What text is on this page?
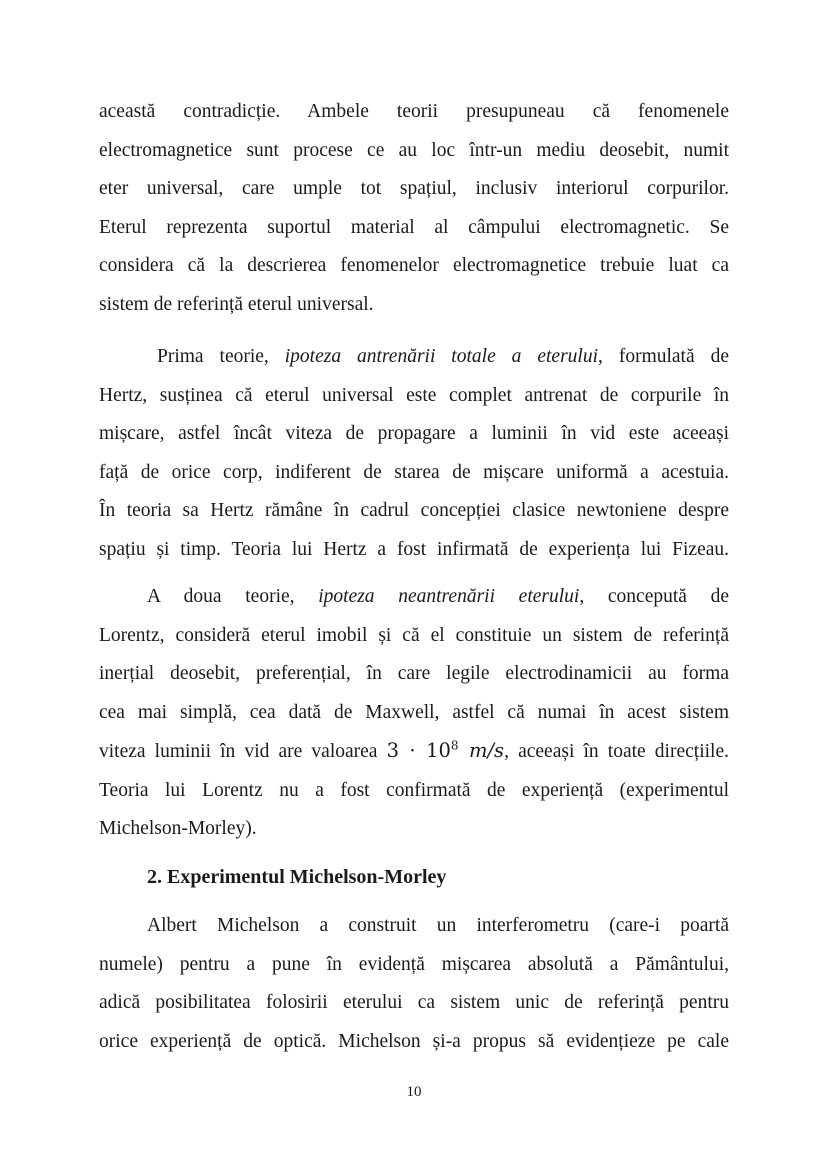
această contradicție. Ambele teorii presupuneau că fenomenele
electromagnetice sunt procese ce au loc într-un mediu deosebit, numit
eter universal, care umple tot spațiul, inclusiv interiorul corpurilor.
Eterul reprezenta suportul material al câmpului electromagnetic. Se
considera că la descrierea fenomenelor electromagnetice trebuie luat ca
sistem de referință eterul universal.
Prima teorie, ipoteza antrenării totale a eterului, formulată de
Hertz, susținea că eterul universal este complet antrenat de corpurile în
mișcare, astfel încât viteza de propagare a luminii în vid este aceeași
față de orice corp, indiferent de starea de mișcare uniformă a acestuia.
În teoria sa Hertz rămâne în cadrul concepției clasice newtoniene despre
spațiu și timp. Teoria lui Hertz a fost infirmată de experiența lui Fizeau.
A doua teorie, ipoteza neantrenării eterului, concepută de
Lorentz, consideră eterul imobil și că el constituie un sistem de referință
inerțial deosebit, preferențial, în care legile electrodinamicii au forma
cea mai simplă, cea dată de Maxwell, astfel că numai în acest sistem
viteza luminii în vid are valoarea $3 \cdot 10^8$ m/s, aceeași în toate direcțiile.
Teoria lui Lorentz nu a fost confirmată de experiență (experimentul
Michelson-Morley).
2. Experimentul Michelson-Morley
Albert Michelson a construit un interferometru (care-i poartă
numele) pentru a pune în evidență mișcarea absolută a Pământului,
adică posibilitatea folosirii eterului ca sistem unic de referință pentru
orice experiență de optică. Michelson și-a propus să evidențieze pe cale
10
